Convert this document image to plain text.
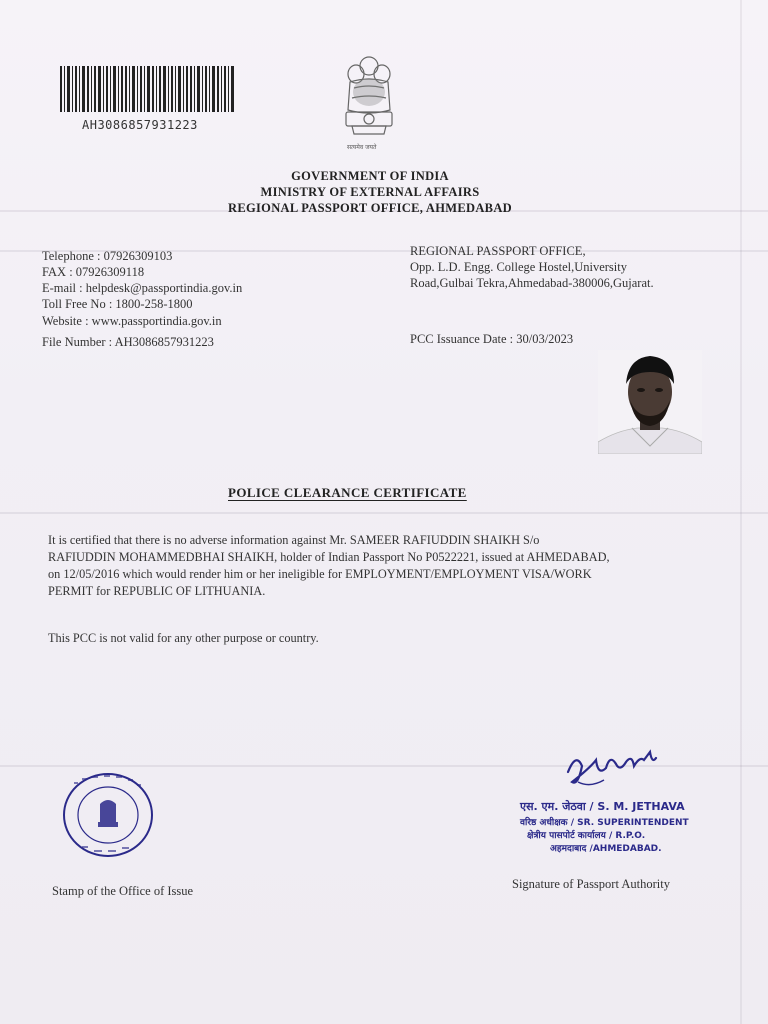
AH3086857931223
सत्यमेव जयते
GOVERNMENT OF INDIA
MINISTRY OF EXTERNAL AFFAIRS
REGIONAL PASSPORT OFFICE, AHMEDABAD
Telephone : 07926309103
FAX : 07926309118
E-mail : helpdesk@passportindia.gov.in
Toll Free No : 1800-258-1800
Website : www.passportindia.gov.in
File Number : AH3086857931223
REGIONAL PASSPORT OFFICE,
Opp. L.D. Engg. College Hostel,University
Road,Gulbai Tekra,Ahmedabad-380006,Gujarat.
PCC Issuance Date : 30/03/2023
POLICE CLEARANCE CERTIFICATE
It is certified that there is no adverse information against Mr. SAMEER RAFIUDDIN SHAIKH S/o
RAFIUDDIN MOHAMMEDBHAI SHAIKH, holder of Indian Passport No P0522221, issued at AHMEDABAD,
on 12/05/2016 which would render him or her ineligible for EMPLOYMENT/EMPLOYMENT VISA/WORK
PERMIT for REPUBLIC OF LITHUANIA.
This PCC is not valid for any other purpose or country.
एस. एम. जेठवा / S. M. JETHAVA
वरिष्ठ अधीक्षक / SR. SUPERINTENDENT
क्षेत्रीय पासपोर्ट कार्यालय / R.P.O.
अहमदाबाद /AHMEDABAD.
Stamp of the Office of Issue	Signature of Passport Authority
